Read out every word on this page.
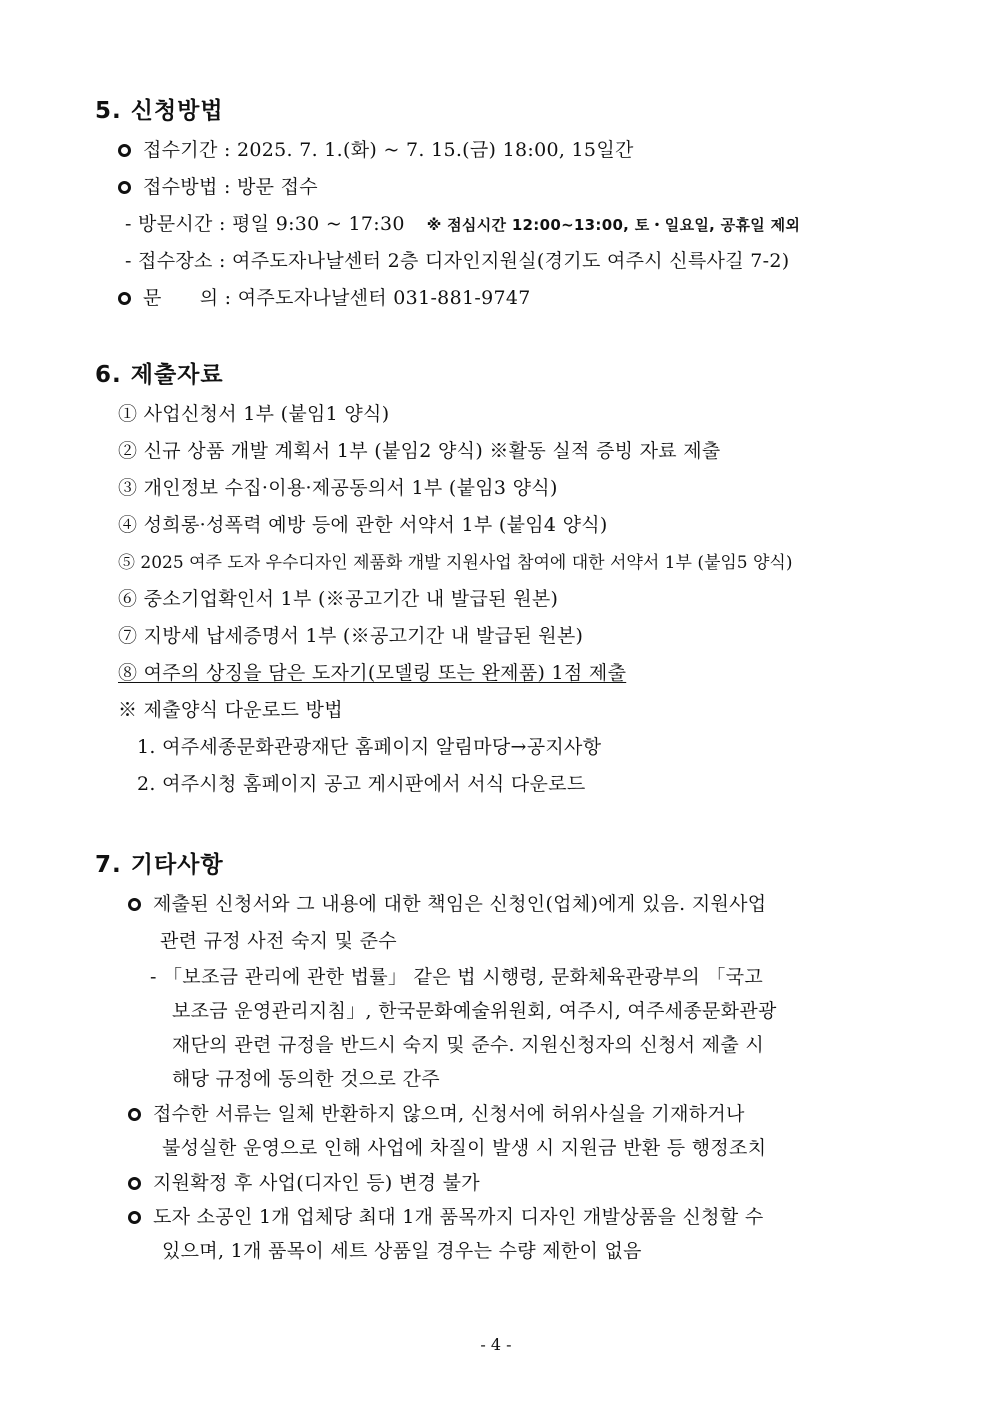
5. 신청방법
접수기간 : 2025. 7. 1.(화) ~ 7. 15.(금) 18:00, 15일간
접수방법 : 방문 접수
- 방문시간 : 평일 9:30 ~ 17:30 ※ 점심시간 12:00~13:00, 토・일요일, 공휴일 제외
- 접수장소 : 여주도자나날센터 2층 디자인지원실(경기도 여주시 신륵사길 7-2)
문      의 : 여주도자나날센터 031-881-9747
6. 제출자료
① 사업신청서 1부 (붙임1 양식)
② 신규 상품 개발 계획서 1부 (붙임2 양식) ※활동 실적 증빙 자료 제출
③ 개인정보 수집·이용·제공동의서 1부 (붙임3 양식)
④ 성희롱·성폭력 예방 등에 관한 서약서 1부 (붙임4 양식)
⑤ 2025 여주 도자 우수디자인 제품화 개발 지원사업 참여에 대한 서약서 1부 (붙임5 양식)
⑥ 중소기업확인서 1부 (※공고기간 내 발급된 원본)
⑦ 지방세 납세증명서 1부 (※공고기간 내 발급된 원본)
⑧ 여주의 상징을 담은 도자기(모델링 또는 완제품) 1점 제출
※ 제출양식 다운로드 방법
1. 여주세종문화관광재단 홈페이지 알림마당→공지사항
2. 여주시청 홈페이지 공고 게시판에서 서식 다운로드
7. 기타사항
제출된 신청서와 그 내용에 대한 책임은 신청인(업체)에게 있음. 지원사업
관련 규정 사전 숙지 및 준수
- 「보조금 관리에 관한 법률」 같은 법 시행령, 문화체육관광부의 「국고
보조금 운영관리지침」, 한국문화예술위원회, 여주시, 여주세종문화관광
재단의 관련 규정을 반드시 숙지 및 준수. 지원신청자의 신청서 제출 시
해당 규정에 동의한 것으로 간주
접수한 서류는 일체 반환하지 않으며, 신청서에 허위사실을 기재하거나
불성실한 운영으로 인해 사업에 차질이 발생 시 지원금 반환 등 행정조치
지원확정 후 사업(디자인 등) 변경 불가
도자 소공인 1개 업체당 최대 1개 품목까지 디자인 개발상품을 신청할 수
있으며, 1개 품목이 세트 상품일 경우는 수량 제한이 없음
- 4 -
